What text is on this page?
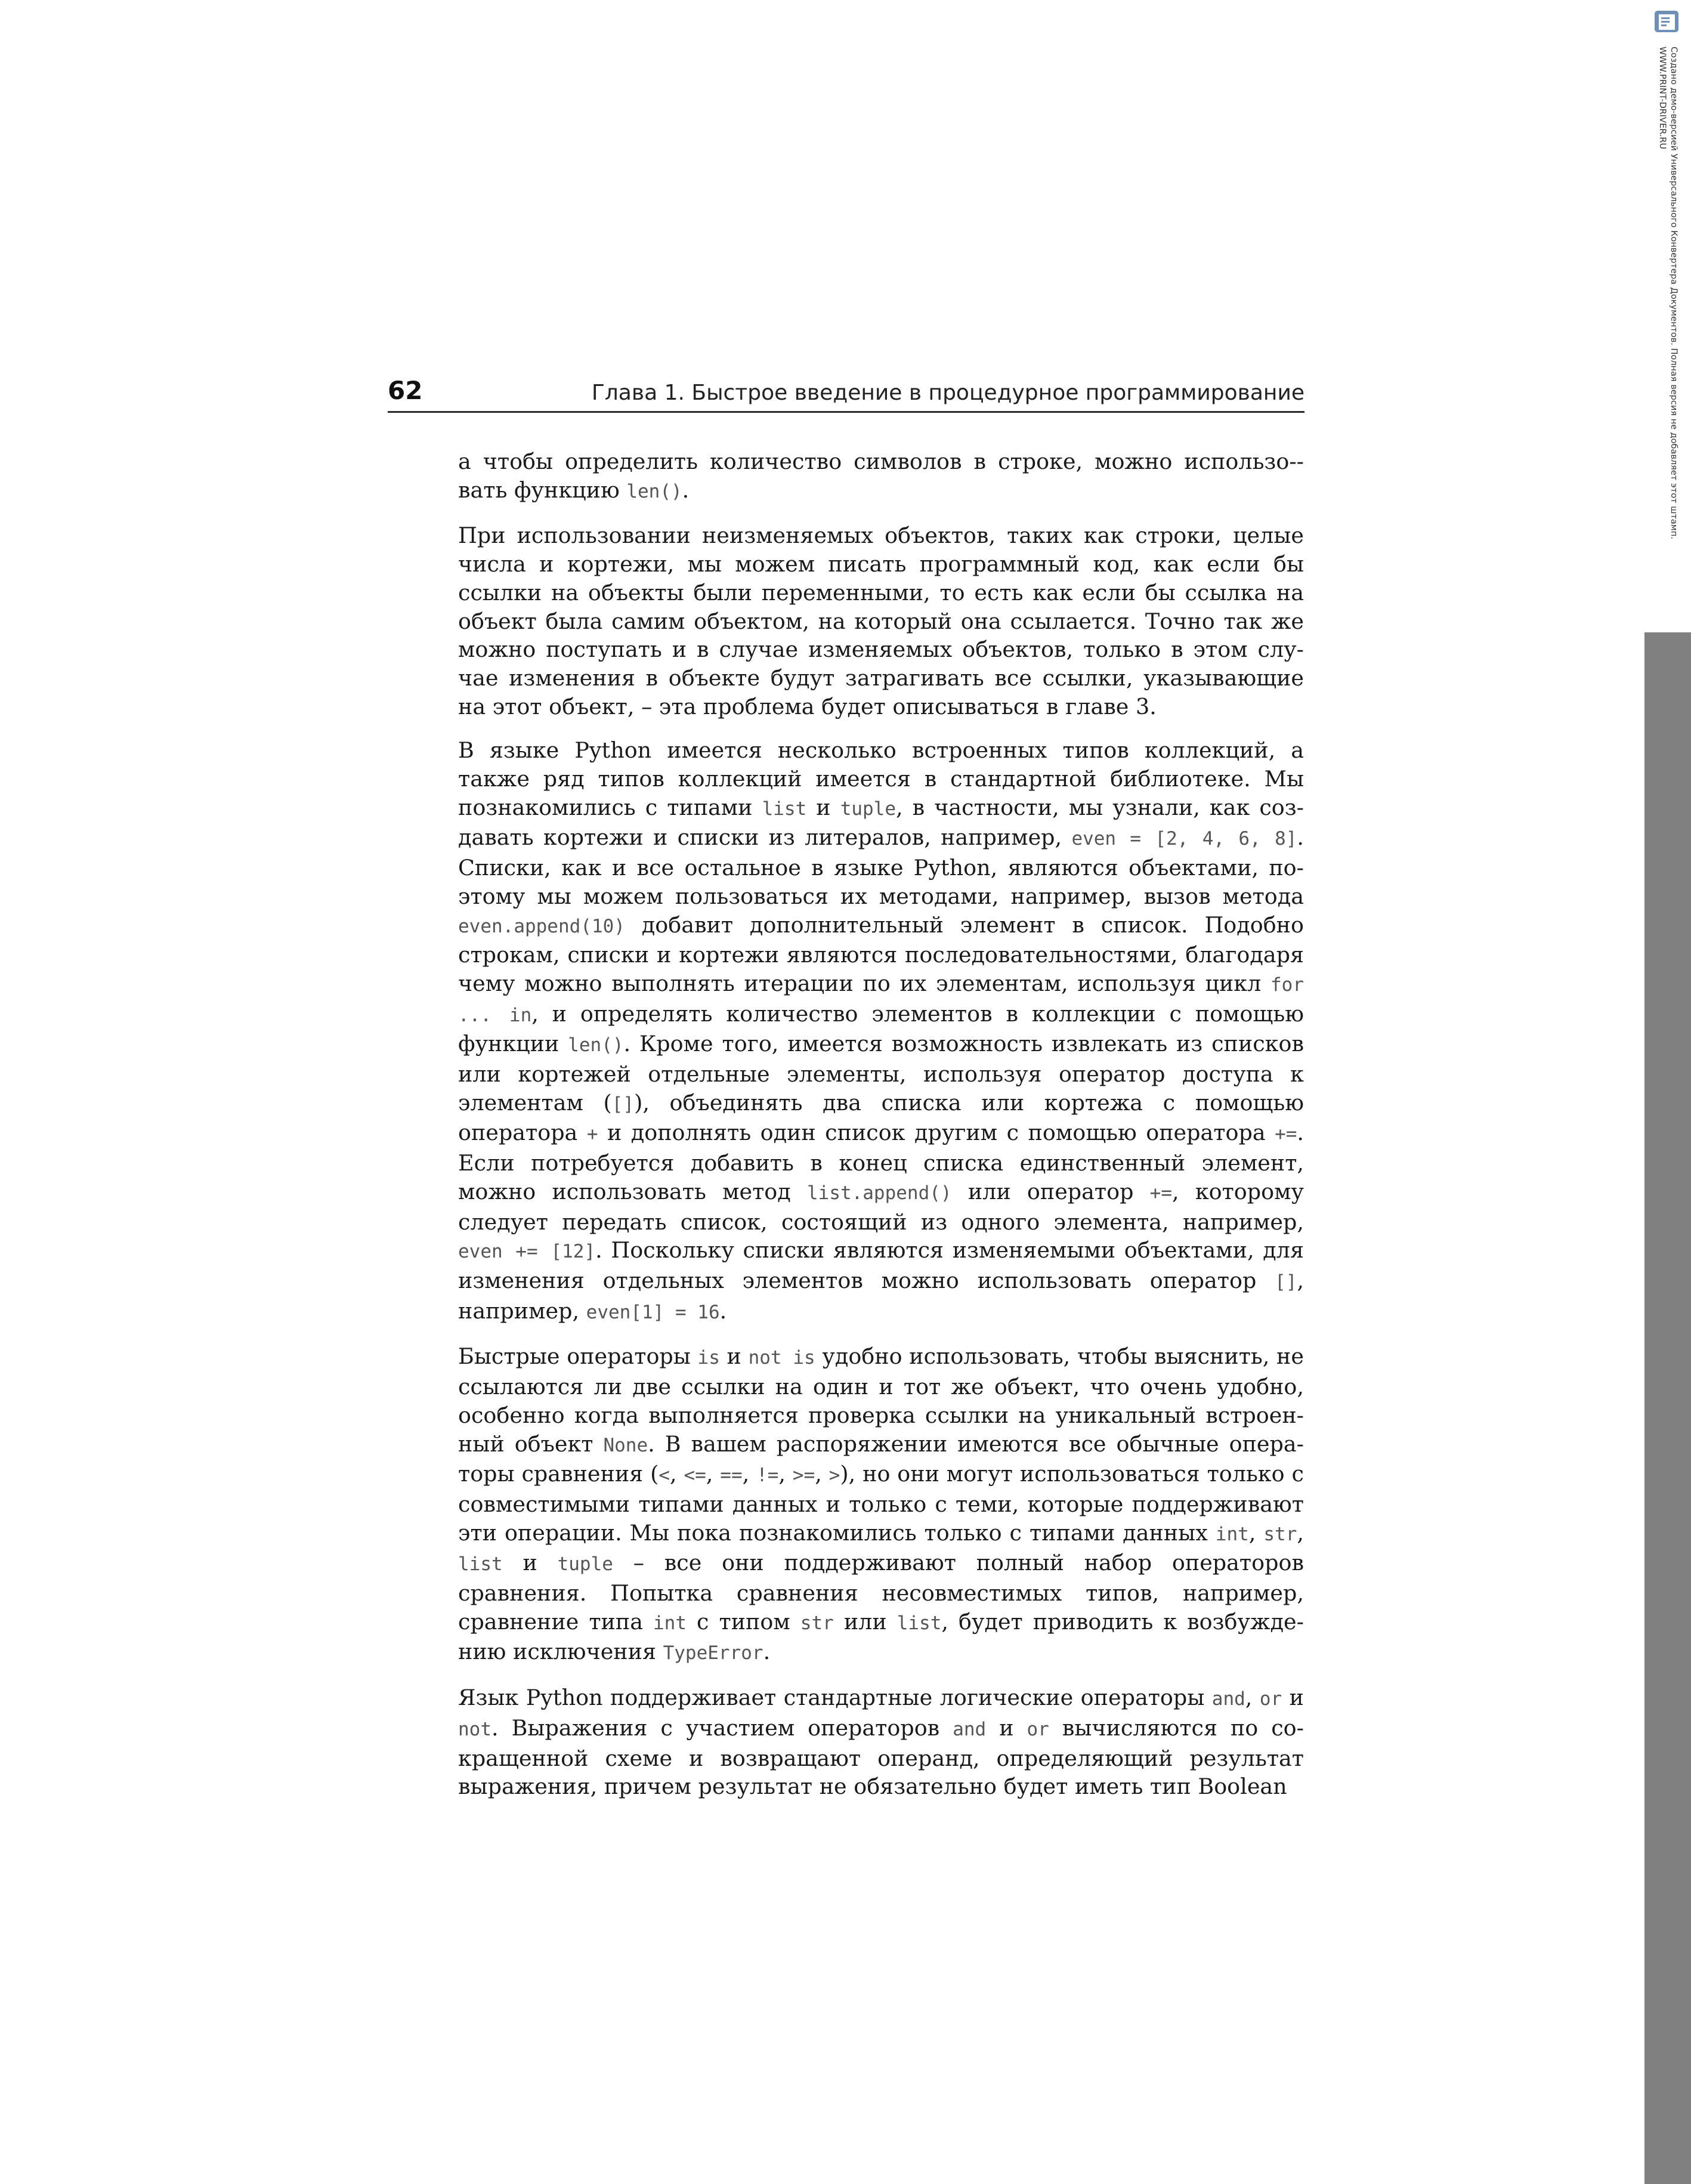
62	Глава 1. Быстрое введение в процедурное программирование

а чтобы определить количество символов в строке, можно использо-вать функцию len().

При использовании неизменяемых объектов, таких как строки, целые числа и кортежи, мы можем писать программный код, как если бы ссылки на объекты были переменными, то есть как если бы ссылка на объект была самим объектом, на который она ссылается. Точно так же можно поступать и в случае изменяемых объектов, только в этом случае изменения в объекте будут затрагивать все ссылки, указывающие на этот объект, – эта проблема будет описываться в главе 3.

В языке Python имеется несколько встроенных типов коллекций, а также ряд типов коллекций имеется в стандартной библиотеке. Мы познакомились с типами list и tuple, в частности, мы узнали, как создавать кортежи и списки из литералов, например, even = [2, 4, 6, 8]. Списки, как и все остальное в языке Python, являются объектами, поэтому мы можем пользоваться их методами, например, вызов метода even.append(10) добавит дополнительный элемент в список. Подобно строкам, списки и кортежи являются последовательностями, благодаря чему можно выполнять итерации по их элементам, используя цикл for ... in, и определять количество элементов в коллекции с помощью функции len(). Кроме того, имеется возможность извлекать из списков или кортежей отдельные элементы, используя оператор доступа к элементам ([]), объединять два списка или кортежа с помощью оператора + и дополнять один список другим с помощью оператора +=. Если потребуется добавить в конец списка единственный элемент, можно использовать метод list.append() или оператор +=, которому следует передать список, состоящий из одного элемента, например, even += [12]. Поскольку списки являются изменяемыми объектами, для изменения отдельных элементов можно использовать оператор [], например, even[1] = 16.

Быстрые операторы is и not is удобно использовать, чтобы выяснить, не ссылаются ли две ссылки на один и тот же объект, что очень удобно, особенно когда выполняется проверка ссылки на уникальный встроенный объект None. В вашем распоряжении имеются все обычные операторы сравнения (<, <=, ==, !=, >=, >), но они могут использоваться только с совместимыми типами данных и только с теми, которые поддерживают эти операции. Мы пока познакомились только с типами данных int, str, list и tuple – все они поддерживают полный набор операторов сравнения. Попытка сравнения несовместимых типов, например, сравнение типа int с типом str или list, будет приводить к возбуждению исключения TypeError.

Язык Python поддерживает стандартные логические операторы and, or и not. Выражения с участием операторов and и or вычисляются по сокращенной схеме и возвращают операнд, определяющий результат выражения, причем результат не обязательно будет иметь тип Boolean

Создано демо-версией Универсального Конвертера Документов. Полная версия не добавляет этот штамп.
WWW.PRINT-DRIVER.RU
